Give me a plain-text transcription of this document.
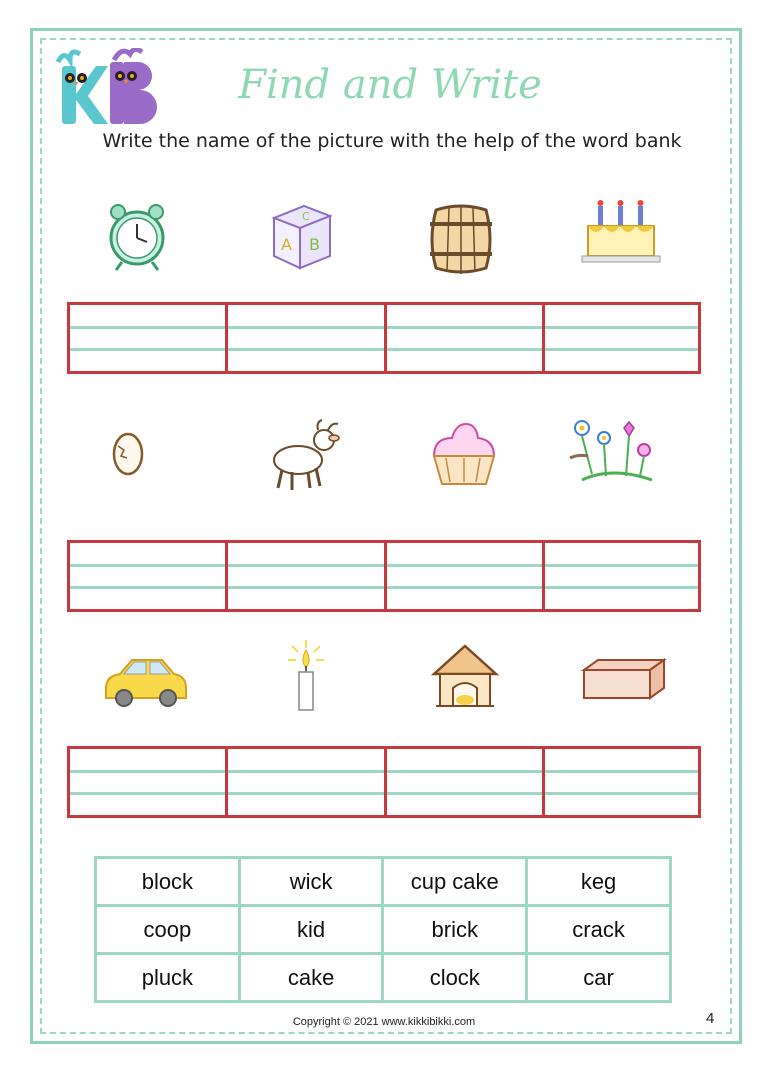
Find and Write
Write the name of the picture with the help of the word bank
C
A B
block	wick	cup cake	keg
coop	kid	brick	crack
pluck	cake	clock	car
Copyright © 2021 www.kikkibikki.com	4
